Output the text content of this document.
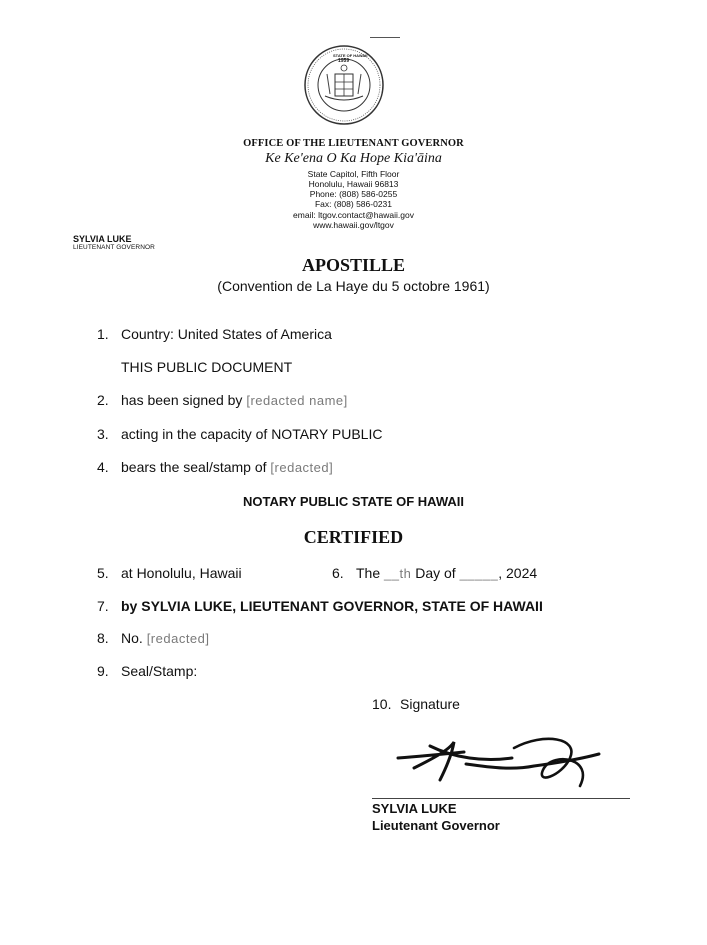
STATE OF HAWAII
1959
OFFICE OF THE LIEUTENANT GOVERNOR
Ke Ke'ena O Ka Hope Kia'āina
State Capitol, Fifth Floor
Honolulu, Hawaii 96813
Phone: (808) 586-0255
Fax: (808) 586-0231
email: ltgov.contact@hawaii.gov
www.hawaii.gov/ltgov
SYLVIA LUKE
LIEUTENANT GOVERNOR
APOSTILLE
(Convention de La Haye du 5 octobre 1961)
1. Country: United States of America
THIS PUBLIC DOCUMENT
2. has been signed by [redacted name]
3. acting in the capacity of NOTARY PUBLIC
4. bears the seal/stamp of [redacted]
NOTARY PUBLIC STATE OF HAWAII
CERTIFIED
5. at Honolulu, Hawaii	6. The __th Day of _____, 2024
7. by SYLVIA LUKE, LIEUTENANT GOVERNOR, STATE OF HAWAII
8. No. [redacted]
9. Seal/Stamp:
10. Signature
SYLVIA LUKE
Lieutenant Governor
